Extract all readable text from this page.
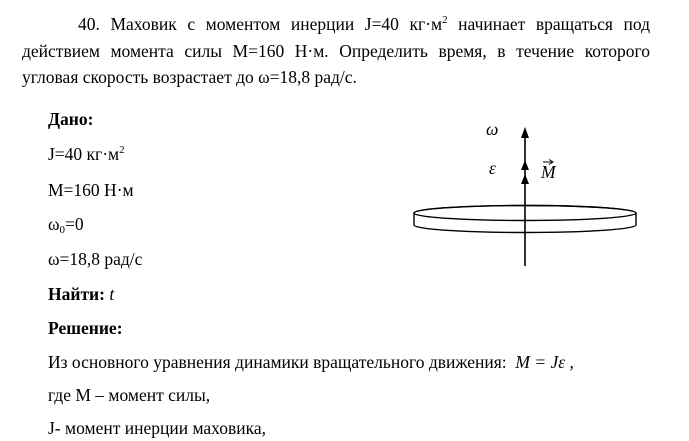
40. Маховик с моментом инерции J=40 $кг\cdot м^2$ начинает вращаться под действием момента силы M=160 Н·м. Определить время, в течение которого угловая скорость возрастает до ω=18,8 рад/с.
Дано:
J=40 $кг\cdot м^2$
M=160 Н·м
$\omega_0=0$
ω=18,8 рад/с
Найти: t
Решение:
Из основного уравнения динамики вращательного движения: M = Jε ,
где M – момент силы,
J- момент инерции маховика,
ω
ε	M
